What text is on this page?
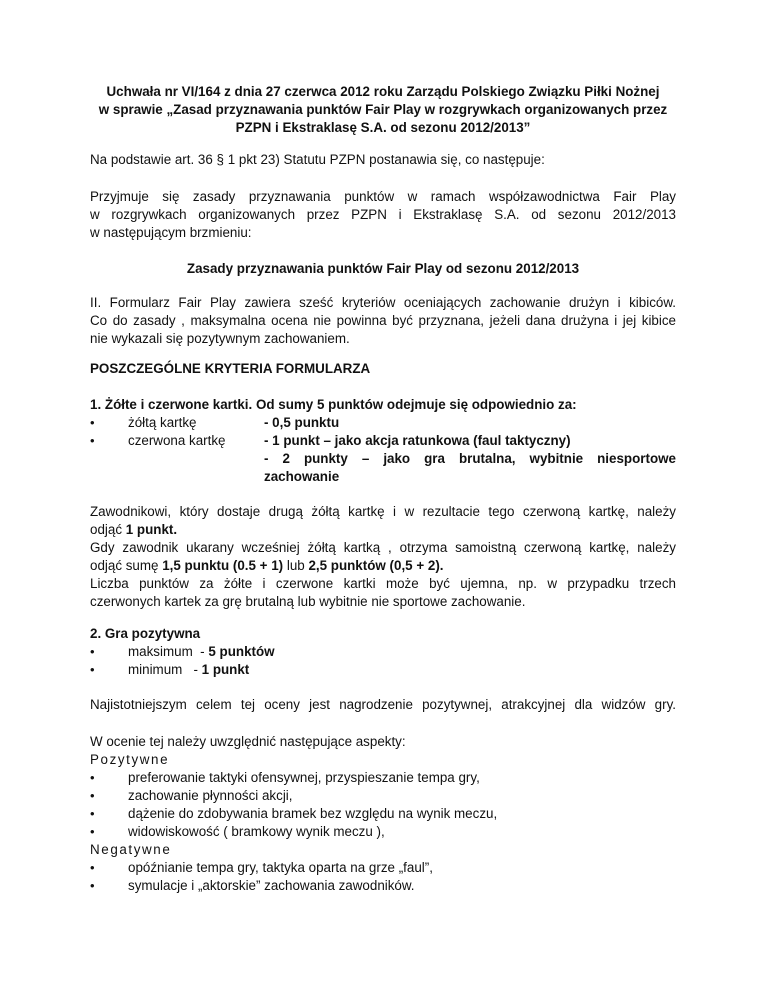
Uchwała nr VI/164 z dnia 27 czerwca 2012 roku Zarządu Polskiego Związku Piłki Nożnej
w sprawie „Zasad przyznawania punktów Fair Play w rozgrywkach organizowanych przez
PZPN i Ekstraklasę S.A. od sezonu 2012/2013”
Na podstawie art. 36 § 1 pkt 23) Statutu PZPN postanawia się, co następuje:
Przyjmuje się zasady przyznawania punktów w ramach współzawodnictwa Fair Play
w rozgrywkach organizowanych przez PZPN i Ekstraklasę S.A. od sezonu 2012/2013
w następującym brzmieniu:
Zasady przyznawania punktów Fair Play od sezonu 2012/2013
II. Formularz Fair Play zawiera sześć kryteriów oceniających zachowanie drużyn i kibiców.
Co do zasady , maksymalna ocena nie powinna być przyznana, jeżeli dana drużyna i jej kibice
nie wykazali się pozytywnym zachowaniem.
POSZCZEGÓLNE KRYTERIA FORMULARZA
1. Żółte i czerwone kartki. Od sumy 5 punktów odejmuje się odpowiednio za:
• żółtą kartkę	- 0,5 punktu
• czerwona kartkę	- 1 punkt – jako akcja ratunkowa (faul taktyczny)
- 2 punkty – jako gra brutalna, wybitnie niesportowe
zachowanie
Zawodnikowi, który dostaje drugą żółtą kartkę i w rezultacie tego czerwoną kartkę, należy
odjąć 1 punkt.
Gdy zawodnik ukarany wcześniej żółtą kartką , otrzyma samoistną czerwoną kartkę, należy
odjąć sumę 1,5 punktu (0.5 + 1) lub 2,5 punktów (0,5 + 2).
Liczba punktów za żółte i czerwone kartki może być ujemna, np. w przypadku trzech
czerwonych kartek za grę brutalną lub wybitnie nie sportowe zachowanie.
2. Gra pozytywna
• maksimum  - 5 punktów
• minimum   - 1 punkt
Najistotniejszym celem tej oceny jest nagrodzenie pozytywnej, atrakcyjnej dla widzów gry.
W ocenie tej należy uwzględnić następujące aspekty:
Pozytywne
• preferowanie taktyki ofensywnej, przyspieszanie tempa gry,
• zachowanie płynności akcji,
• dążenie do zdobywania bramek bez względu na wynik meczu,
• widowiskowość ( bramkowy wynik meczu ),
Negatywne
• opóźnianie tempa gry, taktyka oparta na grze „faul”,
• symulacje i „aktorskie” zachowania zawodników.
